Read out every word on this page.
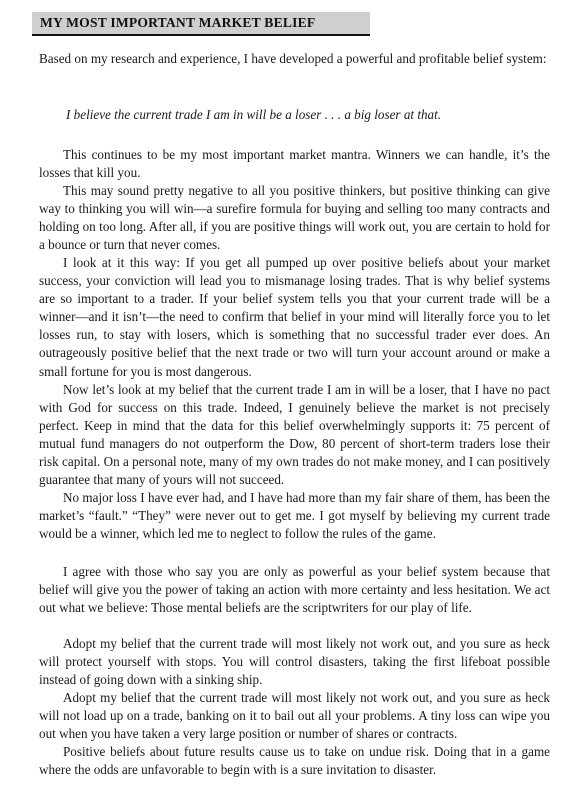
MY MOST IMPORTANT MARKET BELIEF

Based on my research and experience, I have developed a powerful and profitable belief system:

I believe the current trade I am in will be a loser . . . a big loser at that.

This continues to be my most important market mantra. Winners we can handle, it’s the losses that kill you.

This may sound pretty negative to all you positive thinkers, but positive thinking can give way to thinking you will win—a surefire formula for buying and selling too many contracts and holding on too long. After all, if you are positive things will work out, you are certain to hold for a bounce or turn that never comes.

I look at it this way: If you get all pumped up over positive beliefs about your market success, your conviction will lead you to mismanage losing trades. That is why belief systems are so important to a trader. If your belief system tells you that your current trade will be a winner—and it isn’t—the need to confirm that belief in your mind will literally force you to let losses run, to stay with losers, which is something that no successful trader ever does. An outrageously positive belief that the next trade or two will turn your account around or make a small fortune for you is most dangerous.

Now let’s look at my belief that the current trade I am in will be a loser, that I have no pact with God for success on this trade. Indeed, I genuinely believe the market is not precisely perfect. Keep in mind that the data for this belief overwhelmingly supports it: 75 percent of mutual fund managers do not outperform the Dow, 80 percent of short-term traders lose their risk capital. On a personal note, many of my own trades do not make money, and I can positively guarantee that many of yours will not succeed.

No major loss I have ever had, and I have had more than my fair share of them, has been the market’s “fault.” “They” were never out to get me. I got myself by believing my current trade would be a winner, which led me to neglect to follow the rules of the game.

I agree with those who say you are only as powerful as your belief system because that belief will give you the power of taking an action with more certainty and less hesitation. We act out what we believe: Those mental beliefs are the scriptwriters for our play of life.

Adopt my belief that the current trade will most likely not work out, and you sure as heck will protect yourself with stops. You will control disasters, taking the first lifeboat possible instead of going down with a sinking ship.

Adopt my belief that the current trade will most likely not work out, and you sure as heck will not load up on a trade, banking on it to bail out all your problems. A tiny loss can wipe you out when you have taken a very large position or number of shares or contracts.

Positive beliefs about future results cause us to take on undue risk. Doing that in a game where the odds are unfavorable to begin with is a sure invitation to disaster.
